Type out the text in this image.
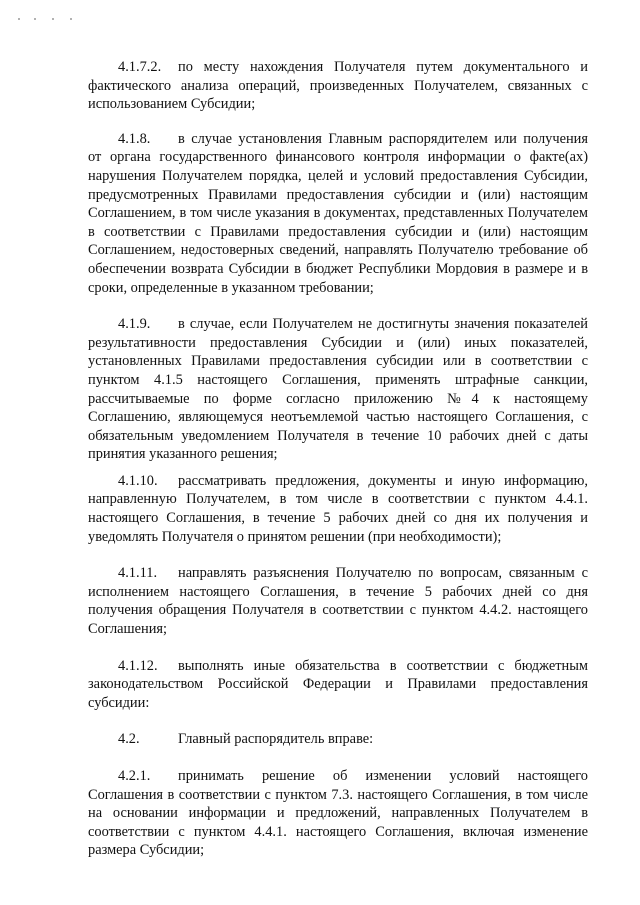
4.1.7.2. по месту нахождения Получателя путем документального и фактического анализа операций, произведенных Получателем, связанных с использованием Субсидии;

4.1.8. в случае установления Главным распорядителем или получения от органа государственного финансового контроля информации о факте(ах) нарушения Получателем порядка, целей и условий предоставления Субсидии, предусмотренных Правилами предоставления субсидии и (или) настоящим Соглашением, в том числе указания в документах, представленных Получателем в соответствии с Правилами предоставления субсидии и (или) настоящим Соглашением, недостоверных сведений, направлять Получателю требование об обеспечении возврата Субсидии в бюджет Республики Мордовия в размере и в сроки, определенные в указанном требовании;

4.1.9. в случае, если Получателем не достигнуты значения показателей результативности предоставления Субсидии и (или) иных показателей, установленных Правилами предоставления субсидии или в соответствии с пунктом 4.1.5 настоящего Соглашения, применять штрафные санкции, рассчитываемые по форме согласно приложению №4 к настоящему Соглашению, являющемуся неотъемлемой частью настоящего Соглашения, с обязательным уведомлением Получателя в течение 10 рабочих дней с даты принятия указанного решения;

4.1.10. рассматривать предложения, документы и иную информацию, направленную Получателем, в том числе в соответствии с пунктом 4.4.1. настоящего Соглашения, в течение 5 рабочих дней со дня их получения и уведомлять Получателя о принятом решении (при необходимости);

4.1.11. направлять разъяснения Получателю по вопросам, связанным с исполнением настоящего Соглашения, в течение 5 рабочих дней со дня получения обращения Получателя в соответствии с пунктом 4.4.2. настоящего Соглашения;

4.1.12. выполнять иные обязательства в соответствии с бюджетным законодательством Российской Федерации и Правилами предоставления субсидии:

4.2.	Главный распорядитель вправе:

4.2.1. принимать решение об изменении условий настоящего Соглашения в соответствии с пунктом 7.3. настоящего Соглашения, в том числе на основании информации и предложений, направленных Получателем в соответствии с пунктом 4.4.1. настоящего Соглашения, включая изменение размера Субсидии;
